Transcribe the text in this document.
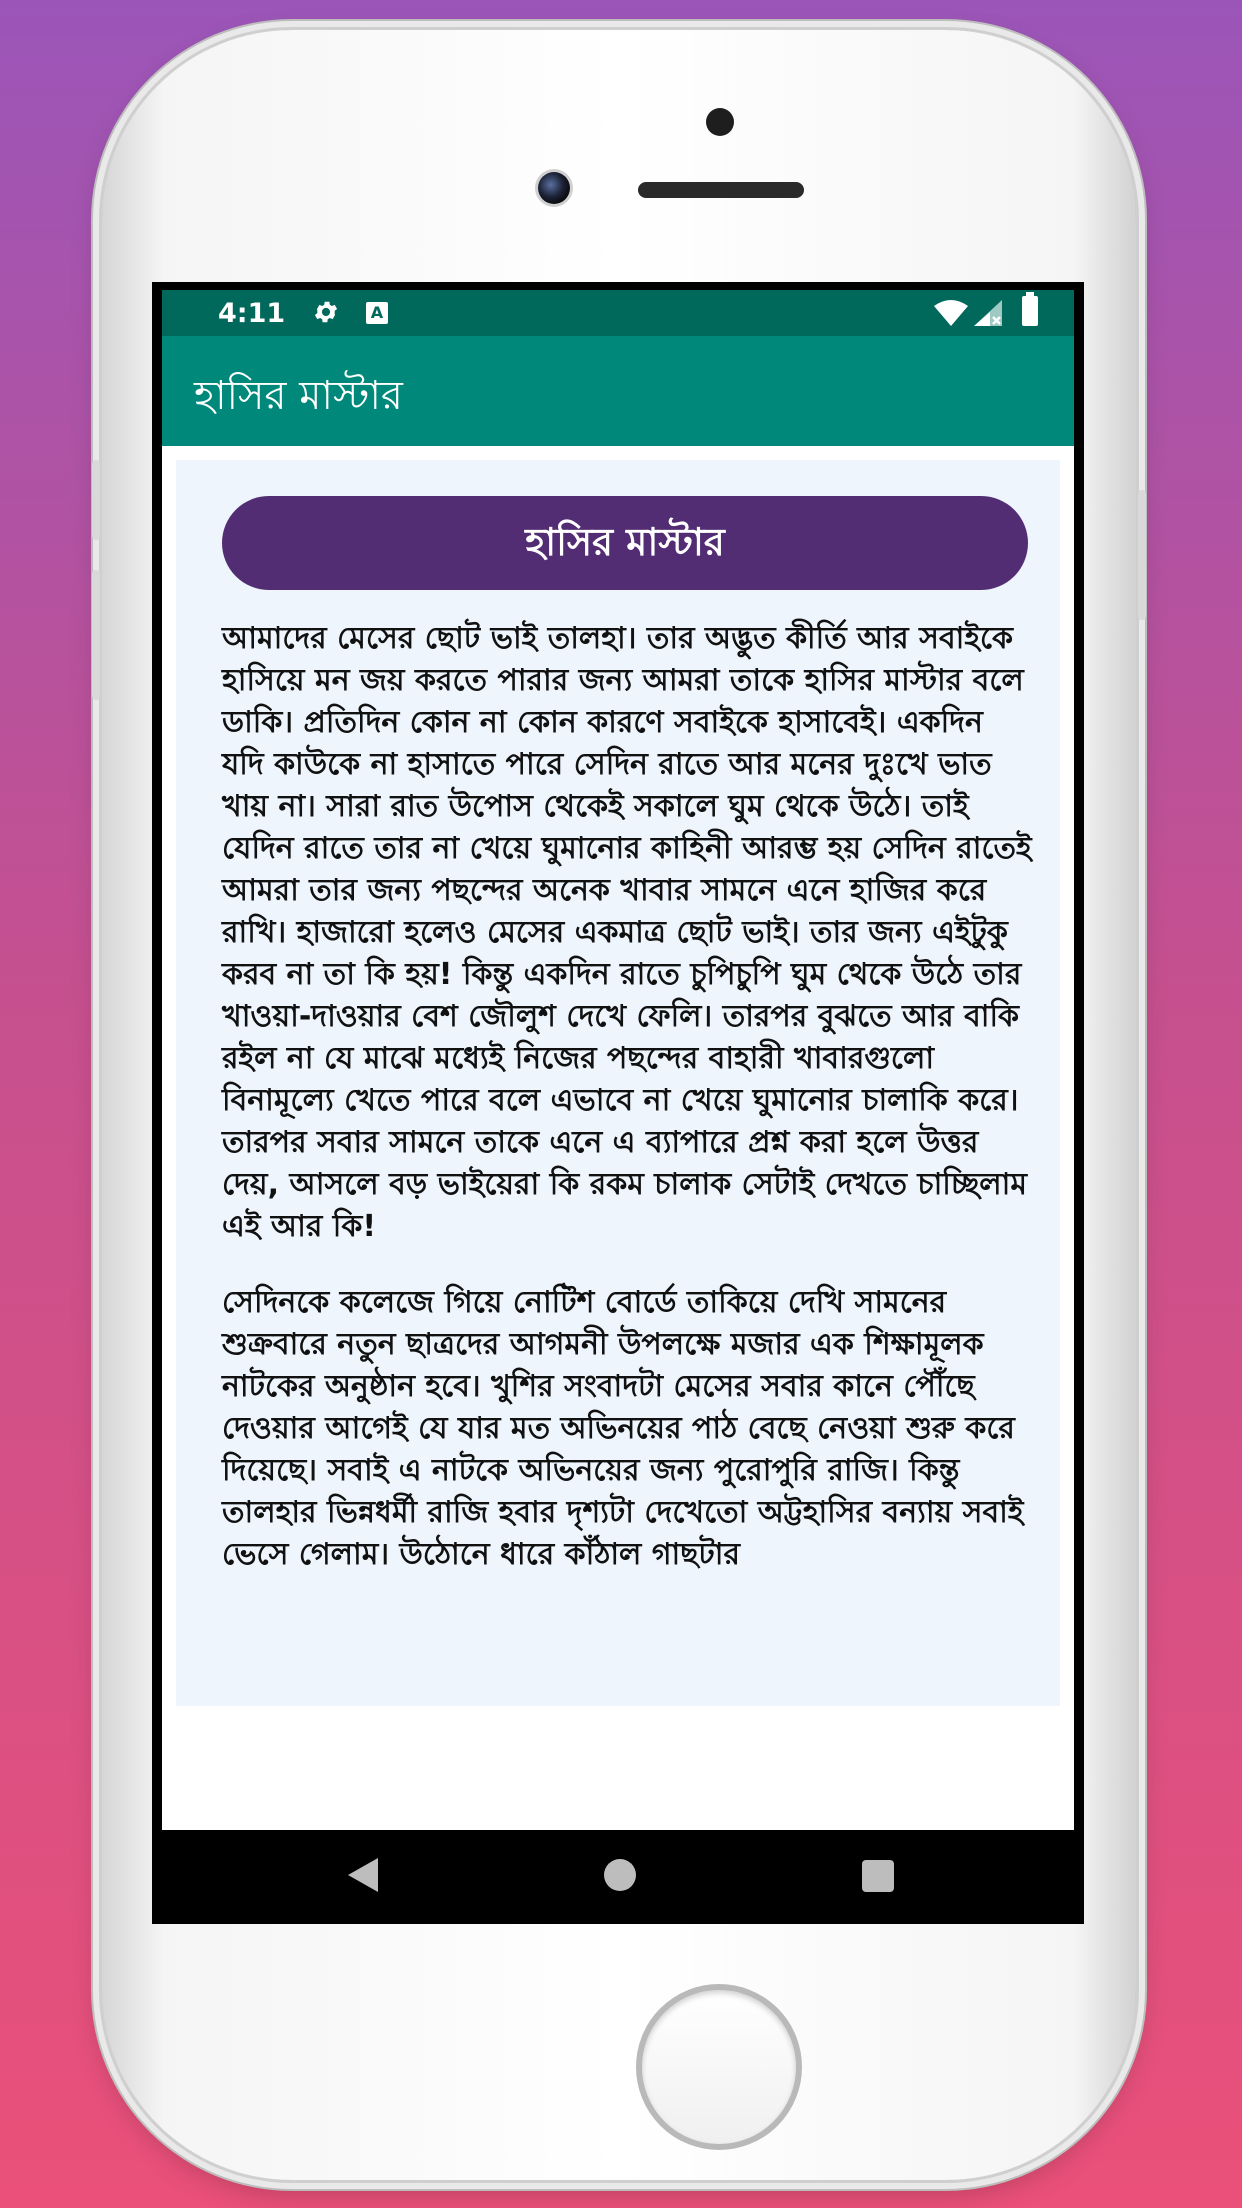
4:11	A
হাসির মাস্টার
হাসির মাস্টার

আমাদের মেসের ছোট ভাই তালহা। তার অদ্ভুত কীর্তি আর সবাইকে হাসিয়ে মন জয় করতে পারার জন্য আমরা তাকে হাসির মাস্টার বলে ডাকি। প্রতিদিন কোন না কোন কারণে সবাইকে হাসাবেই। একদিন যদি কাউকে না হাসাতে পারে সেদিন রাতে আর মনের দুঃখে ভাত খায় না। সারা রাত উপোস থেকেই সকালে ঘুম থেকে উঠে। তাই যেদিন রাতে তার না খেয়ে ঘুমানোর কাহিনী আরম্ভ হয় সেদিন রাতেই আমরা তার জন্য পছন্দের অনেক খাবার সামনে এনে হাজির করে রাখি। হাজারো হলেও মেসের একমাত্র ছোট ভাই। তার জন্য এইটুকু করব না তা কি হয়! কিন্তু একদিন রাতে চুপিচুপি ঘুম থেকে উঠে তার খাওয়া-দাওয়ার বেশ জৌলুশ দেখে ফেলি। তারপর বুঝতে আর বাকি রইল না যে মাঝে মধ্যেই নিজের পছন্দের বাহারী খাবারগুলো বিনামূল্যে খেতে পারে বলে এভাবে না খেয়ে ঘুমানোর চালাকি করে। তারপর সবার সামনে তাকে এনে এ ব্যাপারে প্রশ্ন করা হলে উত্তর দেয়, আসলে বড় ভাইয়েরা কি রকম চালাক সেটাই দেখতে চাচ্ছিলাম এই আর কি!

সেদিনকে কলেজে গিয়ে নোটিশ বোর্ডে তাকিয়ে দেখি সামনের শুক্রবারে নতুন ছাত্রদের আগমনী উপলক্ষে মজার এক শিক্ষামূলক নাটকের অনুষ্ঠান হবে। খুশির সংবাদটা মেসের সবার কানে পৌঁছে দেওয়ার আগেই যে যার মত অভিনয়ের পাঠ বেছে নেওয়া শুরু করে দিয়েছে। সবাই এ নাটকে অভিনয়ের জন্য পুরোপুরি রাজি। কিন্তু তালহার ভিন্নধর্মী রাজি হবার দৃশ্যটা দেখেতো অট্টহাসির বন্যায় সবাই ভেসে গেলাম। উঠোনে ধারে কাঁঠাল গাছটার
